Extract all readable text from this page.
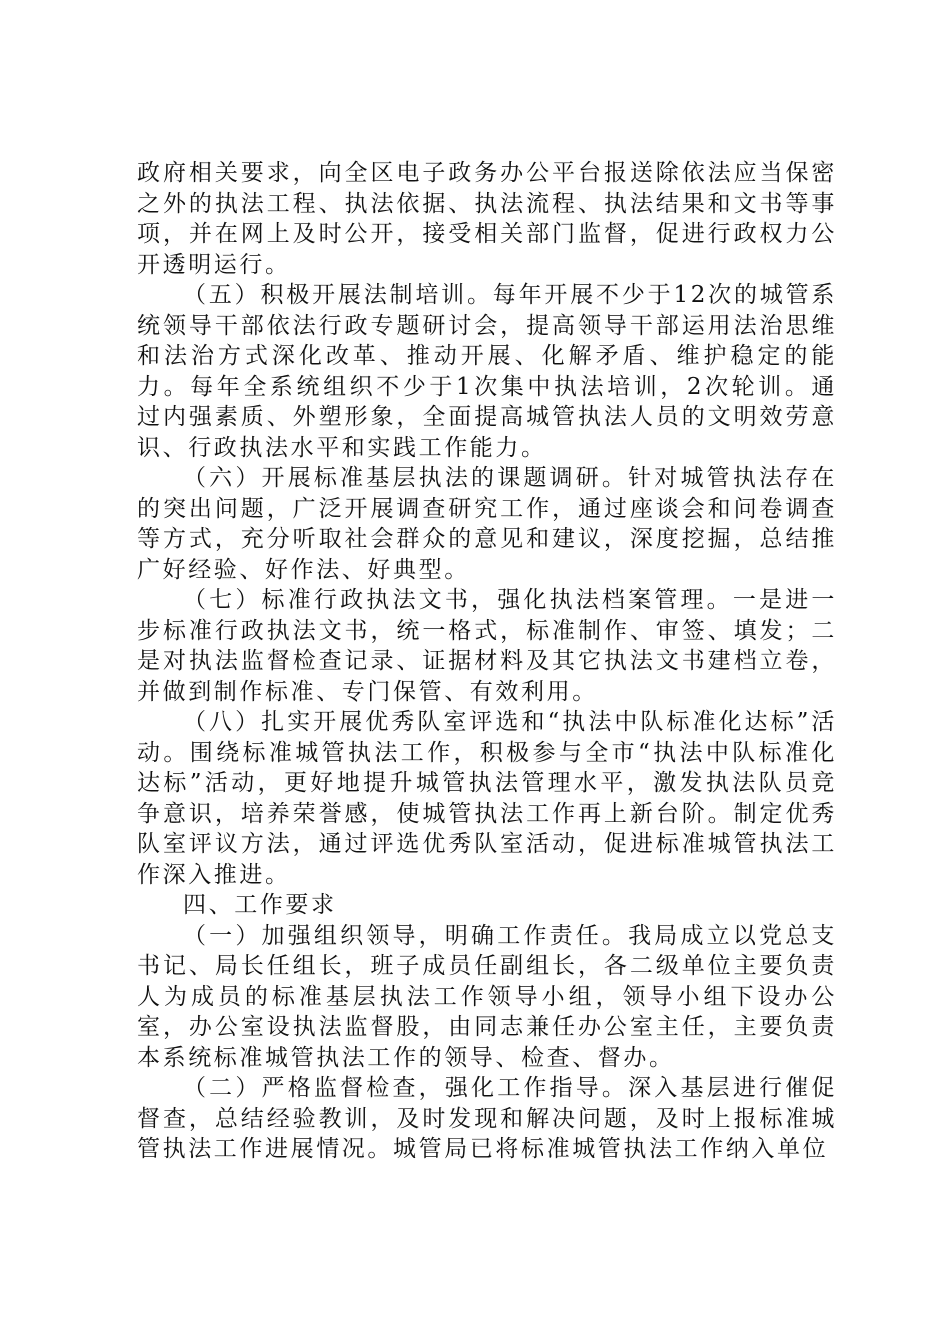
政府相关要求，向全区电子政务办公平台报送除依法应当保密之外的执法工程、执法依据、执法流程、执法结果和文书等事项，并在网上及时公开，接受相关部门监督，促进行政权力公开透明运行。

（五）积极开展法制培训。每年开展不少于12次的城管系统领导干部依法行政专题研讨会，提高领导干部运用法治思维和法治方式深化改革、推动开展、化解矛盾、维护稳定的能力。每年全系统组织不少于1次集中执法培训，2次轮训。通过内强素质、外塑形象，全面提高城管执法人员的文明效劳意识、行政执法水平和实践工作能力。

（六）开展标准基层执法的课题调研。针对城管执法存在的突出问题，广泛开展调查研究工作，通过座谈会和问卷调查等方式，充分听取社会群众的意见和建议，深度挖掘，总结推广好经验、好作法、好典型。

（七）标准行政执法文书，强化执法档案管理。一是进一步标准行政执法文书，统一格式，标准制作、审签、填发；二是对执法监督检查记录、证据材料及其它执法文书建档立卷，并做到制作标准、专门保管、有效利用。

（八）扎实开展优秀队室评选和“执法中队标准化达标”活动。围绕标准城管执法工作，积极参与全市“执法中队标准化达标”活动，更好地提升城管执法管理水平，激发执法队员竞争意识，培养荣誉感，使城管执法工作再上新台阶。制定优秀队室评议方法，通过评选优秀队室活动，促进标准城管执法工作深入推进。

四、工作要求

（一）加强组织领导，明确工作责任。我局成立以党总支书记、局长任组长，班子成员任副组长，各二级单位主要负责人为成员的标准基层执法工作领导小组，领导小组下设办公室，办公室设执法监督股，由同志兼任办公室主任，主要负责本系统标准城管执法工作的领导、检查、督办。

（二）严格监督检查，强化工作指导。深入基层进行催促督查，总结经验教训，及时发现和解决问题，及时上报标准城管执法工作进展情况。城管局已将标准城管执法工作纳入单位
